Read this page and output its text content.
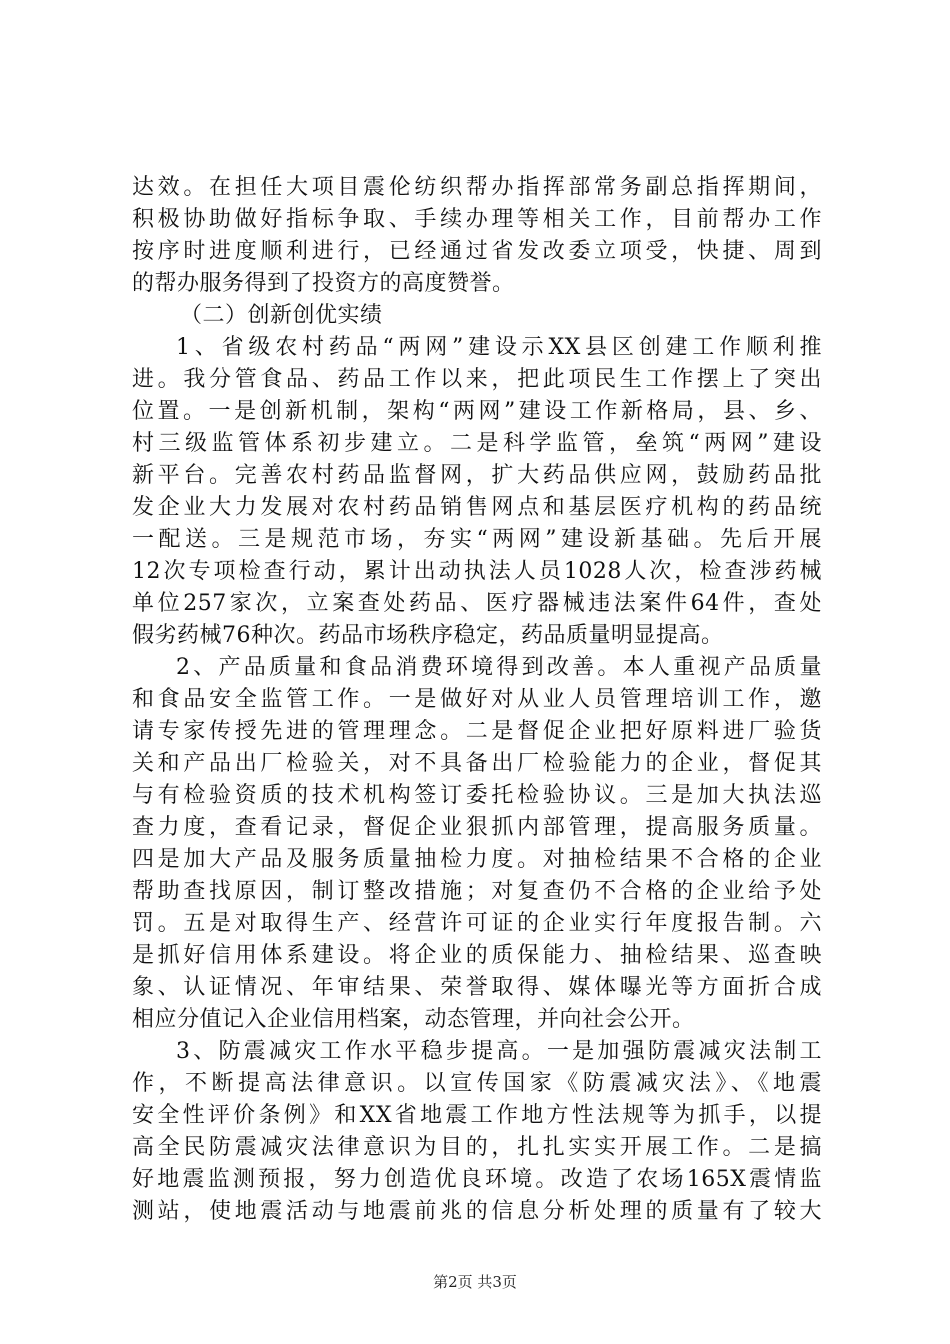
达效。在担任大项目震伦纺织帮办指挥部常务副总指挥期间，
积极协助做好指标争取、手续办理等相关工作，目前帮办工作
按序时进度顺利进行，已经通过省发改委立项受，快捷、周到
的帮办服务得到了投资方的高度赞誉。
（二）创新创优实绩
1、省级农村药品“两网”建设示XX县区创建工作顺利推
进。我分管食品、药品工作以来，把此项民生工作摆上了突出
位置。一是创新机制，架构“两网”建设工作新格局，县、乡、
村三级监管体系初步建立。二是科学监管，垒筑“两网”建设
新平台。完善农村药品监督网，扩大药品供应网，鼓励药品批
发企业大力发展对农村药品销售网点和基层医疗机构的药品统
一配送。三是规范市场，夯实“两网”建设新基础。先后开展
12次专项检查行动，累计出动执法人员1028人次，检查涉药械
单位257家次，立案查处药品、医疗器械违法案件64件，查处
假劣药械76种次。药品市场秩序稳定，药品质量明显提高。
2、产品质量和食品消费环境得到改善。本人重视产品质量
和食品安全监管工作。一是做好对从业人员管理培训工作，邀
请专家传授先进的管理理念。二是督促企业把好原料进厂验货
关和产品出厂检验关，对不具备出厂检验能力的企业，督促其
与有检验资质的技术机构签订委托检验协议。三是加大执法巡
查力度，查看记录，督促企业狠抓内部管理，提高服务质量。
四是加大产品及服务质量抽检力度。对抽检结果不合格的企业
帮助查找原因，制订整改措施；对复查仍不合格的企业给予处
罚。五是对取得生产、经营许可证的企业实行年度报告制。六
是抓好信用体系建设。将企业的质保能力、抽检结果、巡查映
象、认证情况、年审结果、荣誉取得、媒体曝光等方面折合成
相应分值记入企业信用档案，动态管理，并向社会公开。
3、防震减灾工作水平稳步提高。一是加强防震减灾法制工
作，不断提高法律意识。以宣传国家《防震减灾法》、《地震
安全性评价条例》和XX省地震工作地方性法规等为抓手，以提
高全民防震减灾法律意识为目的，扎扎实实开展工作。二是搞
好地震监测预报，努力创造优良环境。改造了农场165X震情监
测站，使地震活动与地震前兆的信息分析处理的质量有了较大
第2页 共3页
